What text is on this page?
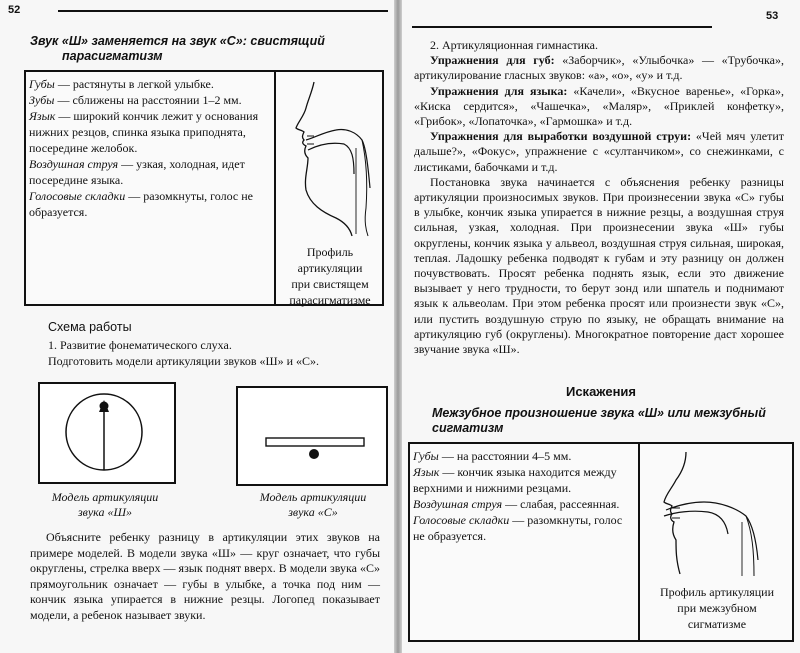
52
Звук «Ш» заменяется на звук «С»: свистящий
парасигматизм

Губы — растянуты в легкой улыбке.

Зубы — сближены на расстоянии 1–2 мм.

Язык — широкий кончик лежит у основания нижних резцов, спинка языка приподнята, посередине желобок.

Воздушная струя — узкая, холодная, идет посередине языка.

Голосовые складки — разомкнуты, голос не образуется.

Профиль артикуляции
при свистящем
парасигматизме
Схема работы

1. Развитие фонематического слуха.

Подготовить модели артикуляции звуков «Ш» и «С».

Модель артикуляции
звука «Ш»
Модель артикуляции
звука «С»
Объясните ребенку разницу в артикуляции этих звуков на примере моделей. В модели звука «Ш» — круг означает, что губы округлены, стрелка вверх — язык поднят вверх. В модели звука «С» прямоугольник означает — губы в улыбке, а точка под ним — кончик языка упирается в нижние резцы. Логопед показывает модели, а ребенок называет звуки.
53

2. Артикуляционная гимнастика.

Упражнения для губ: «Заборчик», «Улыбочка» — «Трубочка», артикулирование гласных звуков: «а», «о», «у» и т.д.

Упражнения для языка: «Качели», «Вкусное варенье», «Горка», «Киска сердится», «Чашечка», «Маляр», «Приклей конфетку», «Грибок», «Лопаточка», «Гармошка» и т.д.

Упражнения для выработки воздушной струи: «Чей мяч улетит дальше?», «Фокус», упражнение с «султанчиком», со снежинками, с листиками, бабочками и т.д.

Постановка звука начинается с объяснения ребенку разницы артикуляции произносимых звуков. При произнесении звука «С» губы в улыбке, кончик языка упирается в нижние резцы, а воздушная струя сильная, узкая, холодная. При произнесении звука «Ш» губы округлены, кончик языка у альвеол, воздушная струя сильная, широкая, теплая. Ладошку ребенка подводят к губам и эту разницу он должен почувствовать. Просят ребенка поднять язык, если это движение вызывает у него трудности, то берут зонд или шпатель и поднимают язык к альвеолам. При этом ребенка просят или произнести звук «С», или пустить воздушную струю по языку, не обращать внимание на артикуляцию губ (округлены). Многократное повторение даст хорошее звучание звука «Ш».

Искажения
Межзубное произношение звука «Ш» или межзубный
сигматизм

Губы — на расстоянии 4–5 мм.

Язык — кончик языка находится между верхними и нижними резцами.

Воздушная струя — слабая, рассеянная.

Голосовые складки — разомкнуты, голос не образуется.

Профиль артикуляции
при межзубном
сигматизме
